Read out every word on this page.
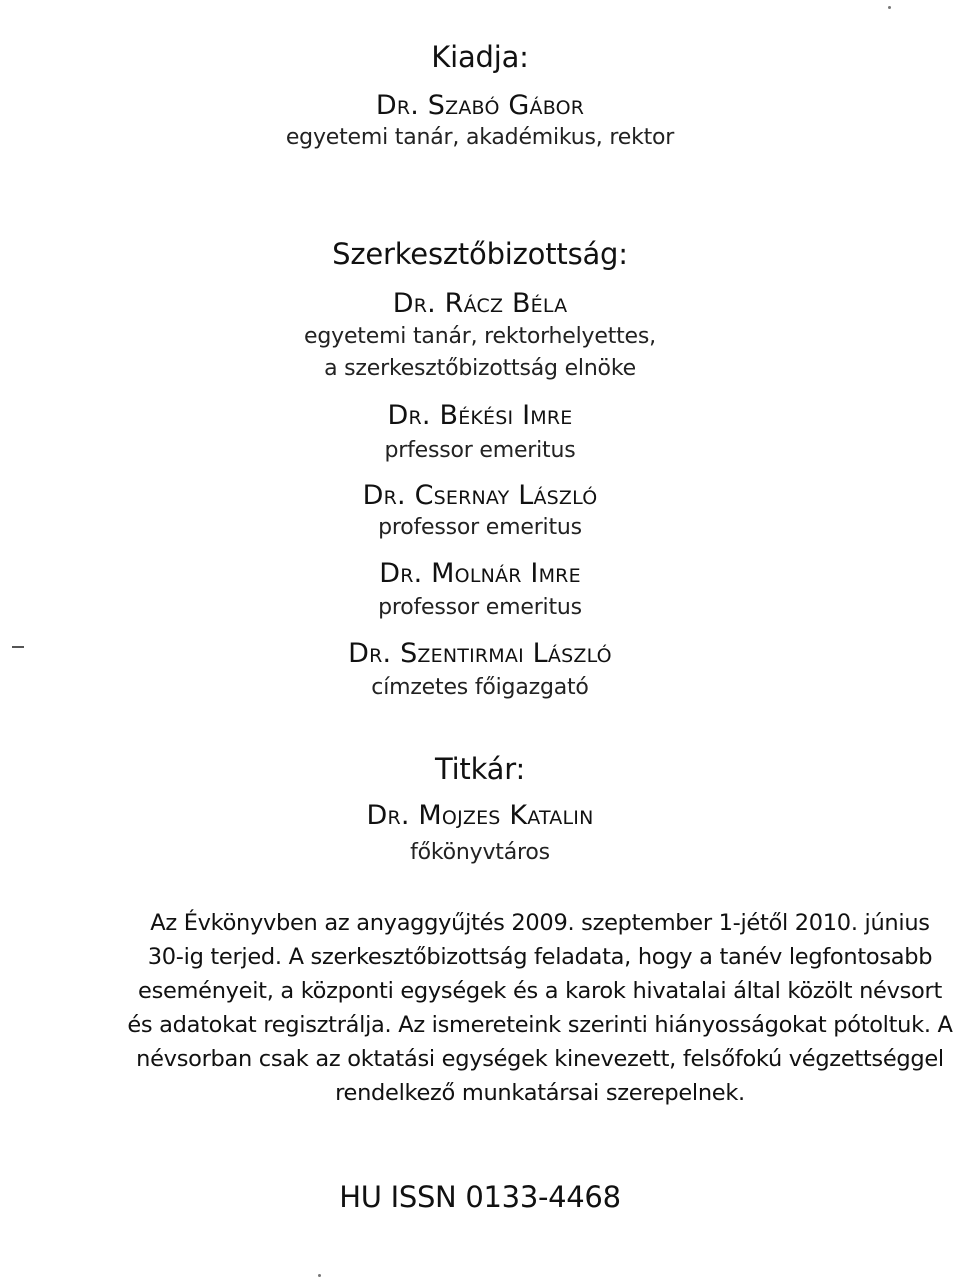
Kiadja:
Dr. Szabó Gábor
egyetemi tanár, akadémikus, rektor
Szerkesztőbizottság:
Dr. Rácz Béla
egyetemi tanár, rektorhelyettes,
a szerkesztőbizottság elnöke
Dr. Békési Imre
prfessor emeritus
Dr. Csernay László
professor emeritus
Dr. Molnár Imre
professor emeritus
Dr. Szentirmai László
címzetes főigazgató
Titkár:
Dr. Mojzes Katalin
főkönyvtáros
Az Évkönyvben az anyaggyűjtés 2009. szeptember 1-jétől 2010. június
30-ig terjed. A szerkesztőbizottság feladata, hogy a tanév legfontosabb
eseményeit, a központi egységek és a karok hivatalai által közölt névsort
és adatokat regisztrálja. Az ismereteink szerinti hiányosságokat pótoltuk. A
névsorban csak az oktatási egységek kinevezett, felsőfokú végzettséggel
rendelkező munkatársai szerepelnek.
HU ISSN 0133-4468
